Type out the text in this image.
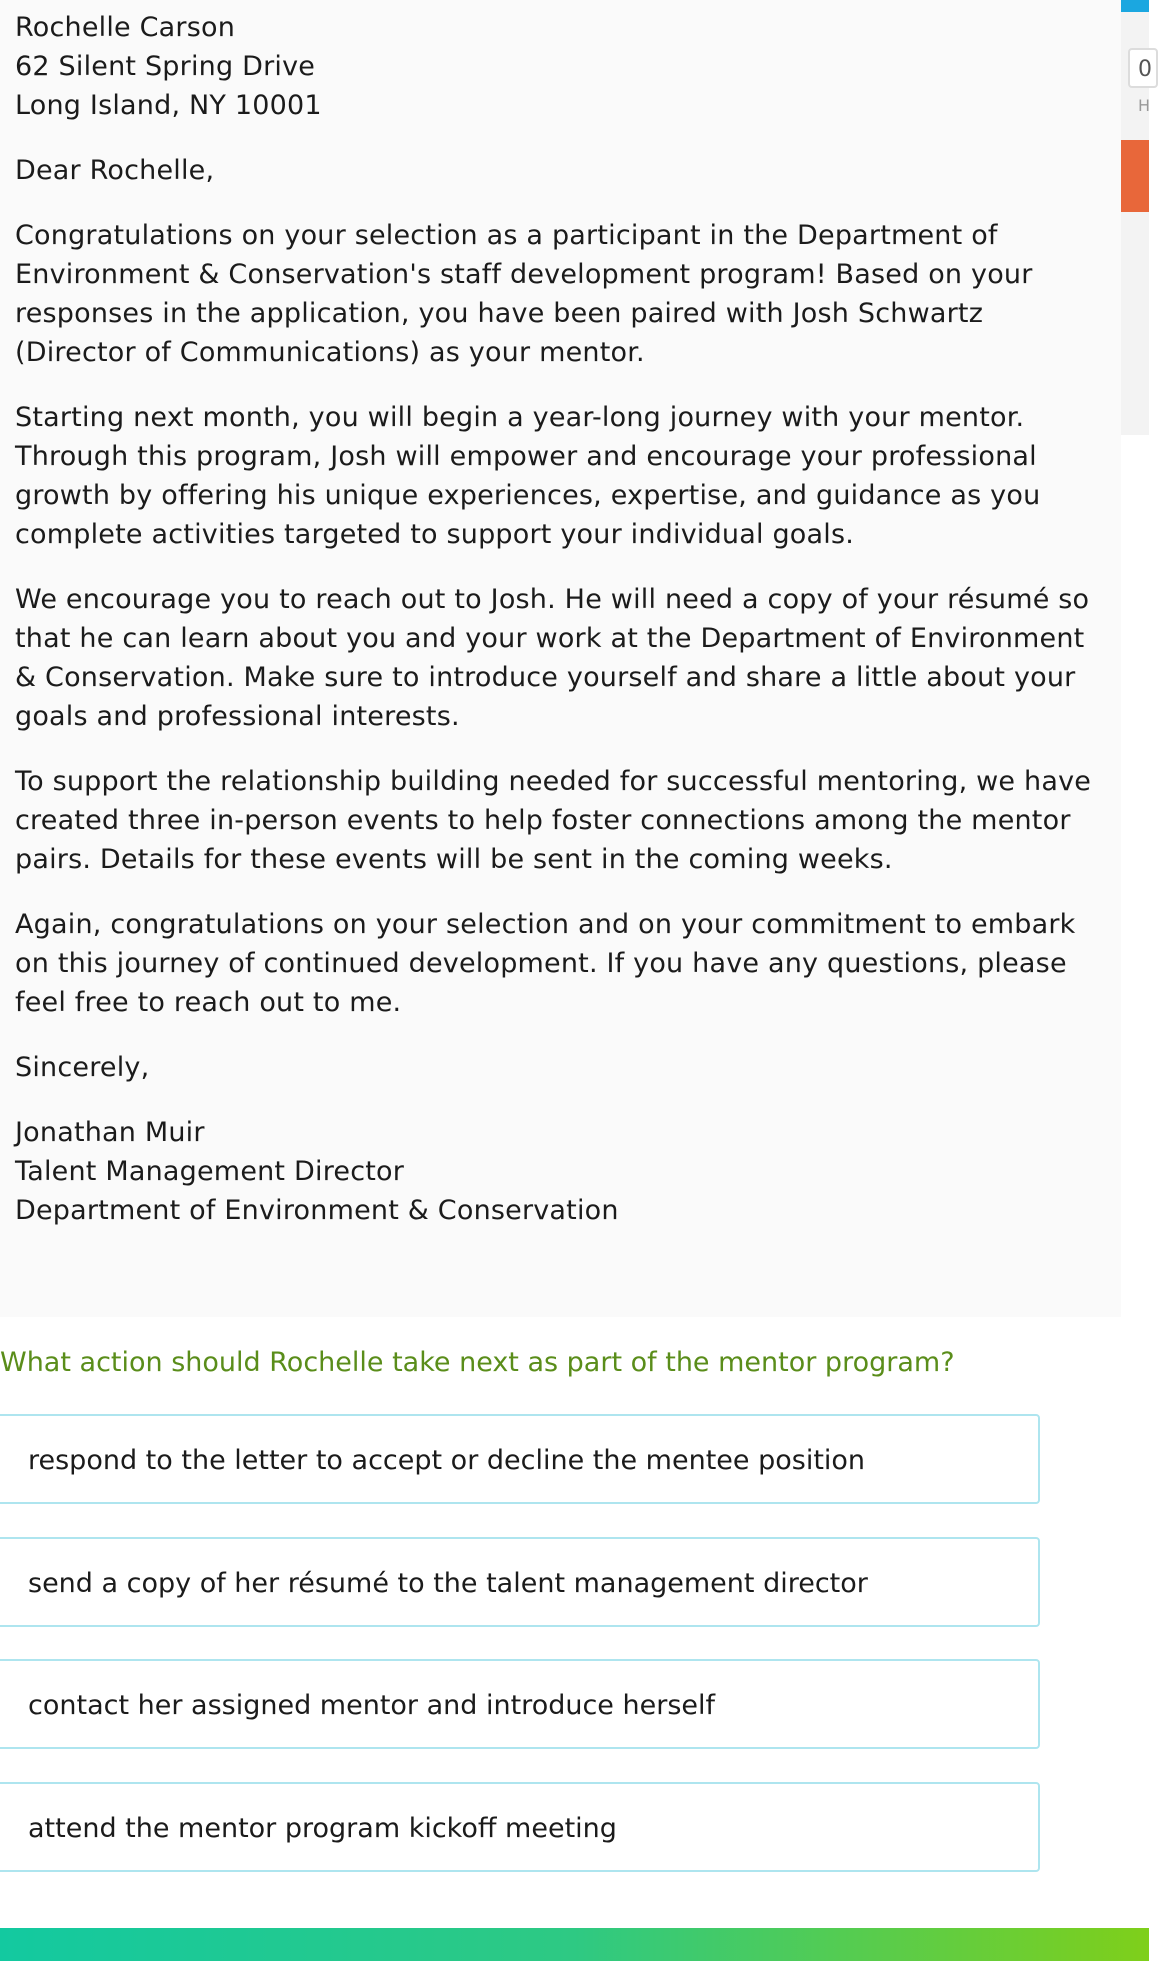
Rochelle Carson
62 Silent Spring Drive
Long Island, NY 10001

Dear Rochelle,

Congratulations on your selection as a participant in the Department of Environment & Conservation's staff development program! Based on your responses in the application, you have been paired with Josh Schwartz (Director of Communications) as your mentor.

Starting next month, you will begin a year-long journey with your mentor. Through this program, Josh will empower and encourage your professional growth by offering his unique experiences, expertise, and guidance as you complete activities targeted to support your individual goals.

We encourage you to reach out to Josh. He will need a copy of your résumé so that he can learn about you and your work at the Department of Environment & Conservation. Make sure to introduce yourself and share a little about your goals and professional interests.

To support the relationship building needed for successful mentoring, we have created three in-person events to help foster connections among the mentor pairs. Details for these events will be sent in the coming weeks.

Again, congratulations on your selection and on your commitment to embark on this journey of continued development. If you have any questions, please feel free to reach out to me.

Sincerely,

Jonathan Muir
Talent Management Director
Department of Environment & Conservation

0
H
What action should Rochelle take next as part of the mentor program?
respond to the letter to accept or decline the mentee position
send a copy of her résumé to the talent management director
contact her assigned mentor and introduce herself
attend the mentor program kickoff meeting
